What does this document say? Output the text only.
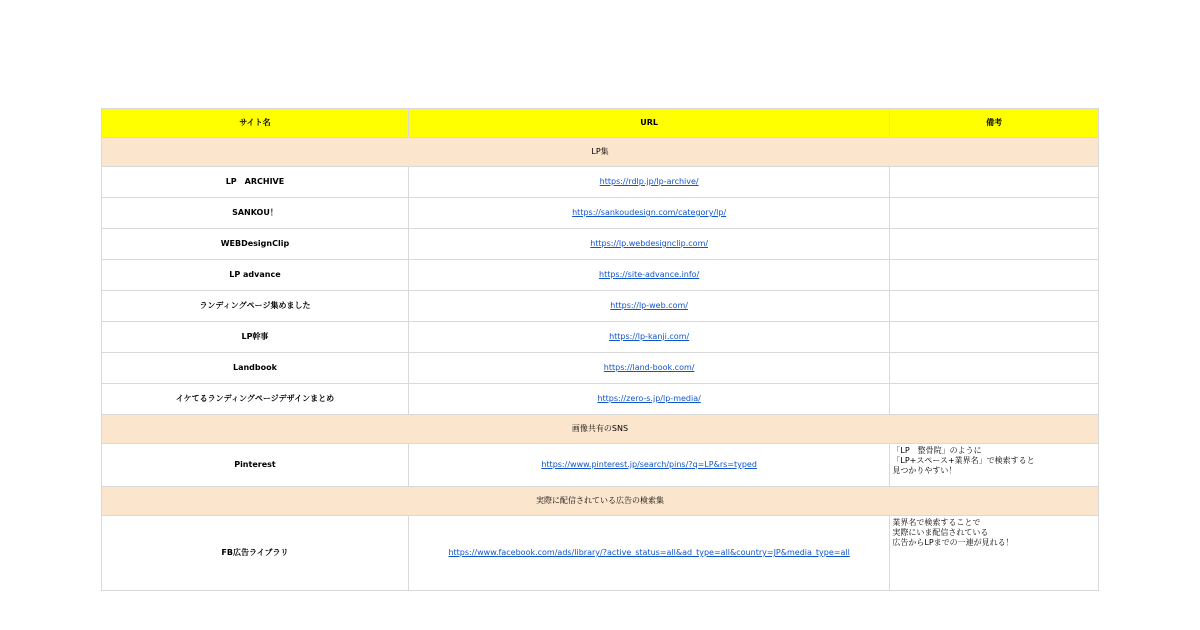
サイト名	URL	備考
LP集		
LP　ARCHIVE	https://rdlp.jp/lp-archive/	
SANKOU！	https://sankoudesign.com/category/lp/	
WEBDesignClip	https://lp.webdesignclip.com/	
LP advance	https://site-advance.info/	
ランディングページ集めました	https://lp-web.com/	
LP幹事	https://lp-kanji.com/	
Landbook	https://land-book.com/	
イケてるランディングページデザインまとめ	https://zero-s.jp/lp-media/	
画像共有のSNS		
Pinterest	https://www.pinterest.jp/search/pins/?q=LP&rs=typed	「LP　整骨院」のように
「LP+スペース+業界名」で検索すると
見つかりやすい！

実際に配信されている広告の検索集		
FB広告ライブラリ	https://www.facebook.com/ads/library/?active_status=all&ad_type=all&country=JP&media_type=all	業界名で検索することで
実際にいま配信されている
広告からLPまでの一連が見れる！
